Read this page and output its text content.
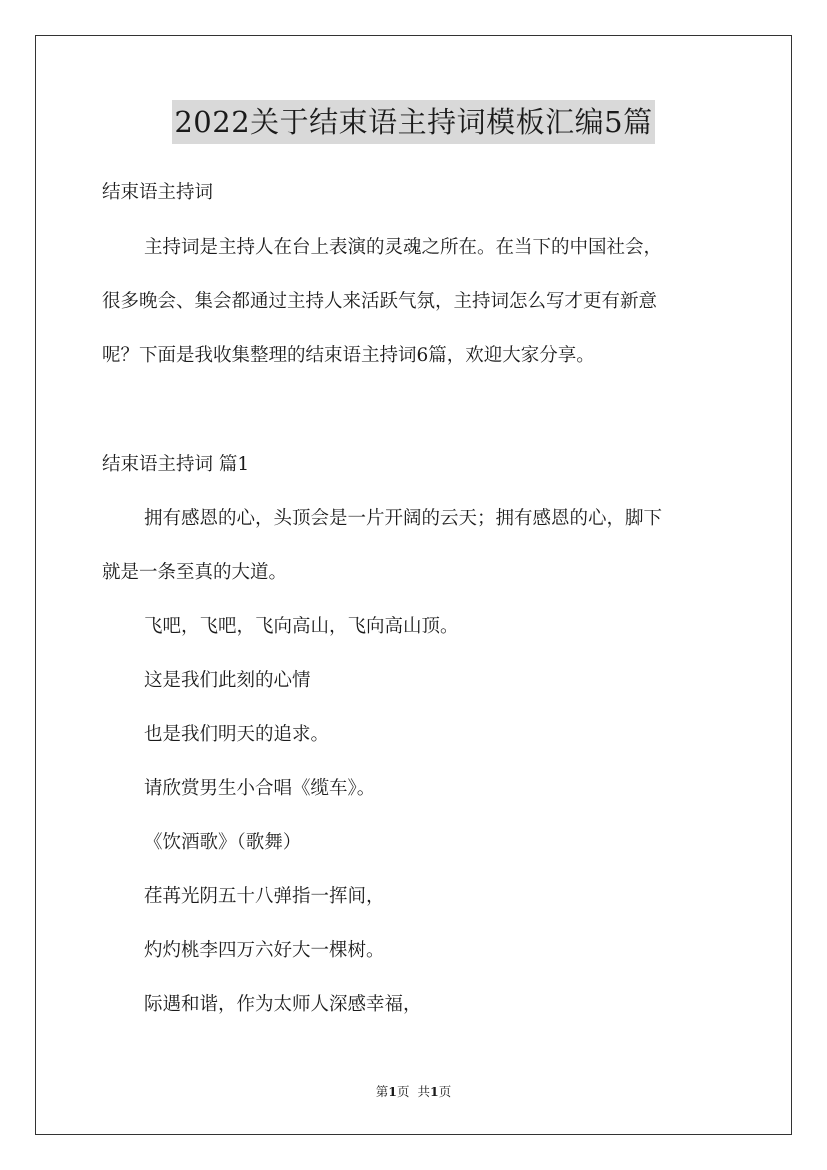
2022关于结束语主持词模板汇编5篇
结束语主持词
主持词是主持人在台上表演的灵魂之所在。在当下的中国社会，
很多晚会、集会都通过主持人来活跃气氛，主持词怎么写才更有新意
呢？下面是我收集整理的结束语主持词6篇，欢迎大家分享。
结束语主持词 篇1
拥有感恩的心，头顶会是一片开阔的云天；拥有感恩的心，脚下
就是一条至真的大道。
飞吧，飞吧，飞向高山，飞向高山顶。
这是我们此刻的心情
也是我们明天的追求。
请欣赏男生小合唱《缆车》。
《饮酒歌》（歌舞）
荏苒光阴五十八弹指一挥间，
灼灼桃李四万六好大一棵树。
际遇和谐，作为太师人深感幸福，
第1页 共1页
